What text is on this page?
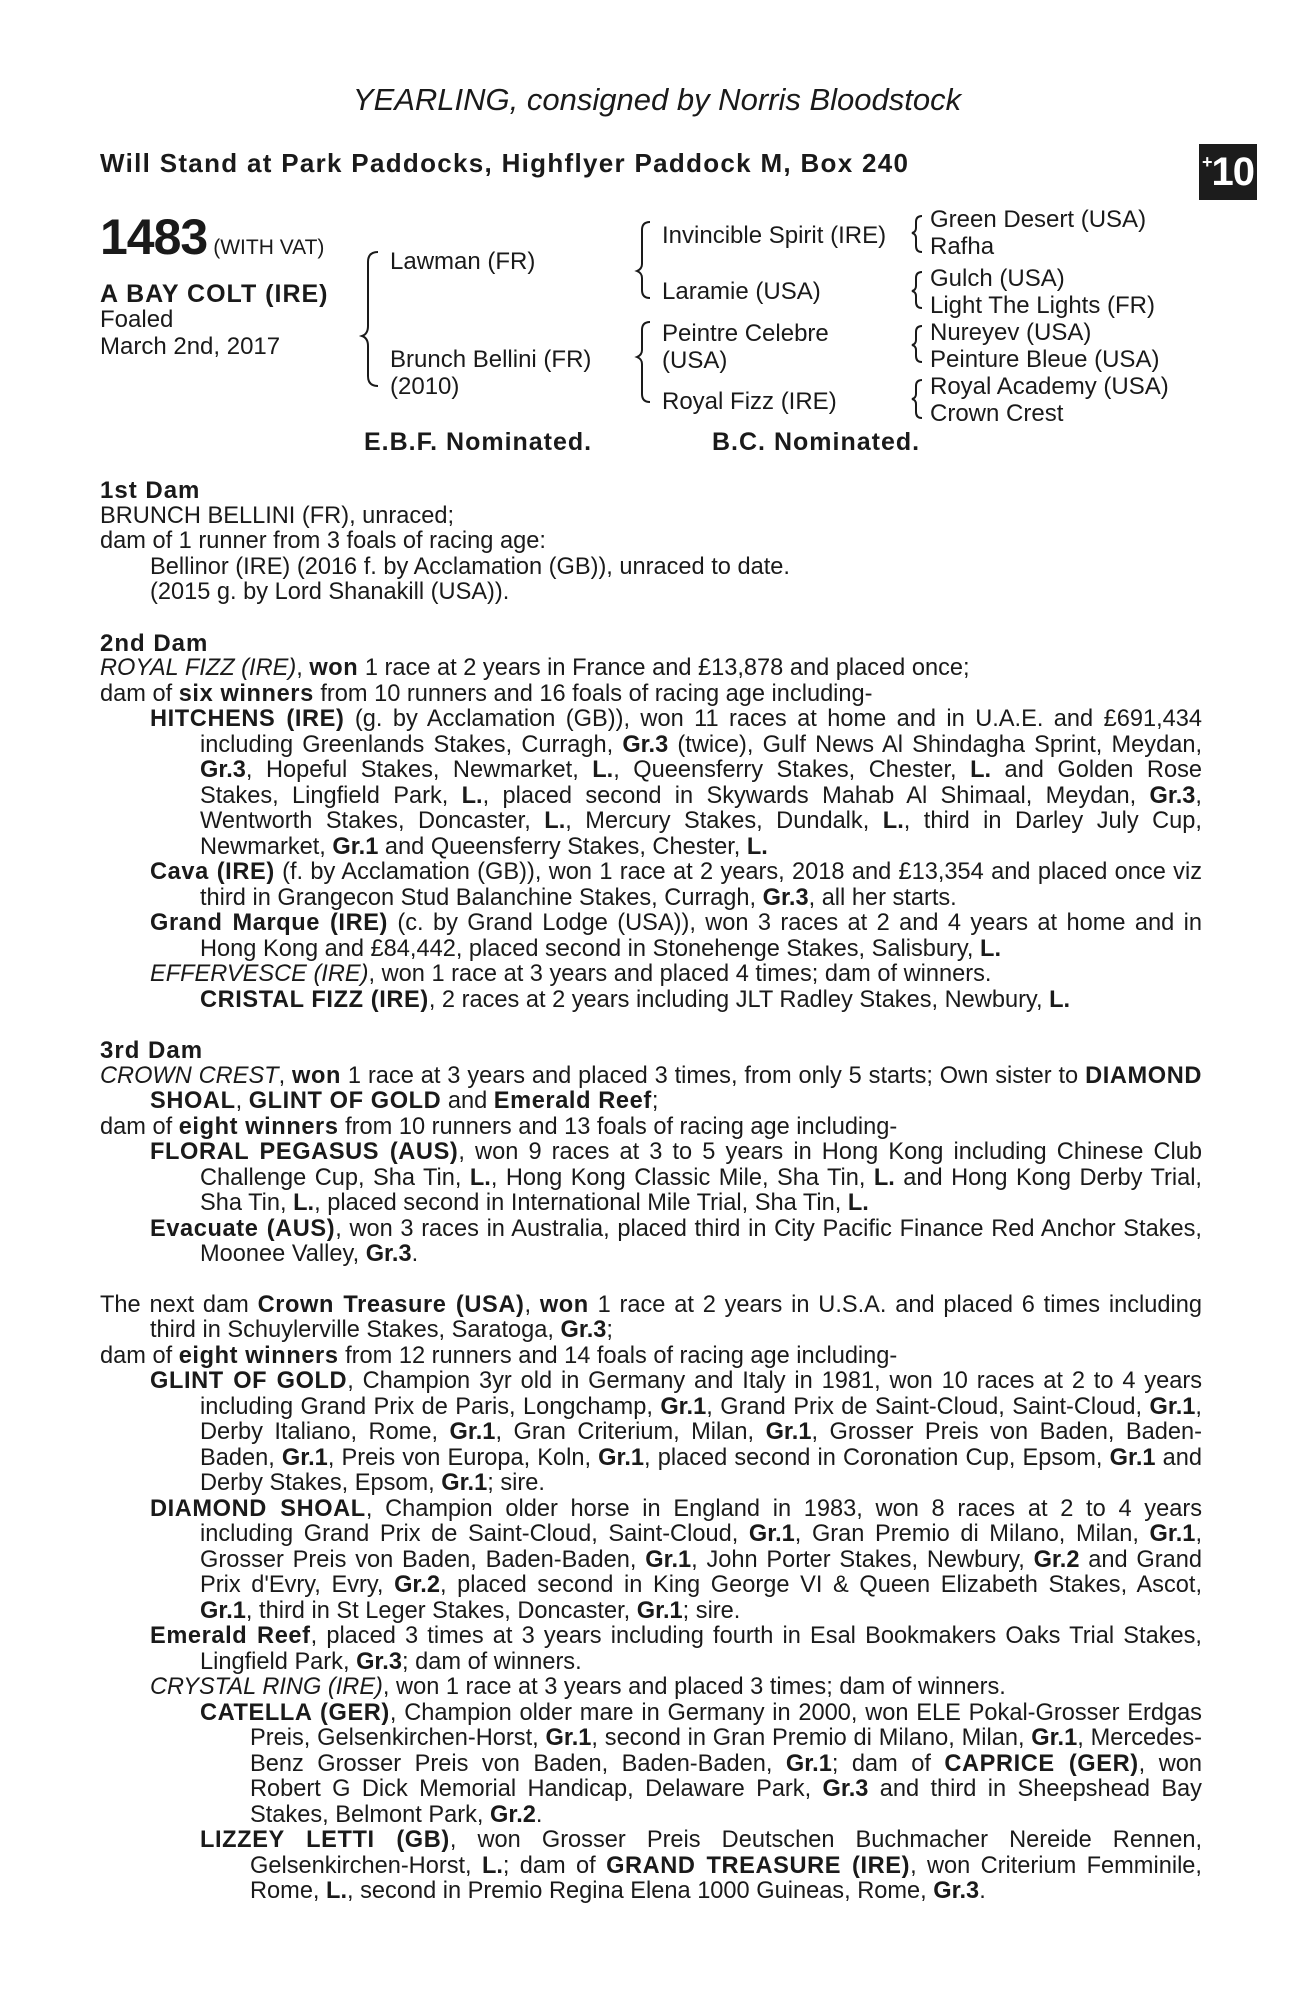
YEARLING, consigned by Norris Bloodstock
Will Stand at Park Paddocks, Highflyer Paddock M, Box 240	+ 10
1483 (WITH VAT)
A BAY COLT (IRE)
Foaled
March 2nd, 2017
Lawman (FR)
Brunch Bellini (FR)
(2010)
Invincible Spirit (IRE)
Laramie (USA)
Peintre Celebre
(USA)
Royal Fizz (IRE)
Green Desert (USA)
Rafha
Gulch (USA)
Light The Lights (FR)
Nureyev (USA)
Peinture Bleue (USA)
Royal Academy (USA)
Crown Crest
E.B.F. Nominated.	B.C. Nominated.
1st Dam
BRUNCH BELLINI (FR), unraced;
dam of 1 runner from 3 foals of racing age:
Bellinor (IRE) (2016 f. by Acclamation (GB)), unraced to date.
(2015 g. by Lord Shanakill (USA)).
2nd Dam
ROYAL FIZZ (IRE), won 1 race at 2 years in France and £13,878 and placed once;
dam of six winners from 10 runners and 16 foals of racing age including-
HITCHENS (IRE) (g. by Acclamation (GB)), won 11 races at home and in U.A.E. and £691,434 including Greenlands Stakes, Curragh, Gr.3 (twice), Gulf News Al Shindagha Sprint, Meydan, Gr.3, Hopeful Stakes, Newmarket, L., Queensferry Stakes, Chester, L. and Golden Rose Stakes, Lingfield Park, L., placed second in Skywards Mahab Al Shimaal, Meydan, Gr.3, Wentworth Stakes, Doncaster, L., Mercury Stakes, Dundalk, L., third in Darley July Cup, Newmarket, Gr.1 and Queensferry Stakes, Chester, L.
Cava (IRE) (f. by Acclamation (GB)), won 1 race at 2 years, 2018 and £13,354 and placed once viz third in Grangecon Stud Balanchine Stakes, Curragh, Gr.3, all her starts.
Grand Marque (IRE) (c. by Grand Lodge (USA)), won 3 races at 2 and 4 years at home and in Hong Kong and £84,442, placed second in Stonehenge Stakes, Salisbury, L.
EFFERVESCE (IRE), won 1 race at 3 years and placed 4 times; dam of winners.
CRISTAL FIZZ (IRE), 2 races at 2 years including JLT Radley Stakes, Newbury, L.
3rd Dam
CROWN CREST, won 1 race at 3 years and placed 3 times, from only 5 starts; Own sister to DIAMOND SHOAL, GLINT OF GOLD and Emerald Reef;
dam of eight winners from 10 runners and 13 foals of racing age including-
FLORAL PEGASUS (AUS), won 9 races at 3 to 5 years in Hong Kong including Chinese Club Challenge Cup, Sha Tin, L., Hong Kong Classic Mile, Sha Tin, L. and Hong Kong Derby Trial, Sha Tin, L., placed second in International Mile Trial, Sha Tin, L.
Evacuate (AUS), won 3 races in Australia, placed third in City Pacific Finance Red Anchor Stakes, Moonee Valley, Gr.3.
The next dam Crown Treasure (USA), won 1 race at 2 years in U.S.A. and placed 6 times including third in Schuylerville Stakes, Saratoga, Gr.3;
dam of eight winners from 12 runners and 14 foals of racing age including-
GLINT OF GOLD, Champion 3yr old in Germany and Italy in 1981, won 10 races at 2 to 4 years including Grand Prix de Paris, Longchamp, Gr.1, Grand Prix de Saint-Cloud, Saint-Cloud, Gr.1, Derby Italiano, Rome, Gr.1, Gran Criterium, Milan, Gr.1, Grosser Preis von Baden, Baden-Baden, Gr.1, Preis von Europa, Koln, Gr.1, placed second in Coronation Cup, Epsom, Gr.1 and Derby Stakes, Epsom, Gr.1; sire.
DIAMOND SHOAL, Champion older horse in England in 1983, won 8 races at 2 to 4 years including Grand Prix de Saint-Cloud, Saint-Cloud, Gr.1, Gran Premio di Milano, Milan, Gr.1, Grosser Preis von Baden, Baden-Baden, Gr.1, John Porter Stakes, Newbury, Gr.2 and Grand Prix d'Evry, Evry, Gr.2, placed second in King George VI & Queen Elizabeth Stakes, Ascot, Gr.1, third in St Leger Stakes, Doncaster, Gr.1; sire.
Emerald Reef, placed 3 times at 3 years including fourth in Esal Bookmakers Oaks Trial Stakes, Lingfield Park, Gr.3; dam of winners.
CRYSTAL RING (IRE), won 1 race at 3 years and placed 3 times; dam of winners.
CATELLA (GER), Champion older mare in Germany in 2000, won ELE Pokal-Grosser Erdgas Preis, Gelsenkirchen-Horst, Gr.1, second in Gran Premio di Milano, Milan, Gr.1, Mercedes-Benz Grosser Preis von Baden, Baden-Baden, Gr.1; dam of CAPRICE (GER), won Robert G Dick Memorial Handicap, Delaware Park, Gr.3 and third in Sheepshead Bay Stakes, Belmont Park, Gr.2.
LIZZEY LETTI (GB), won Grosser Preis Deutschen Buchmacher Nereide Rennen, Gelsenkirchen-Horst, L.; dam of GRAND TREASURE (IRE), won Criterium Femminile, Rome, L., second in Premio Regina Elena 1000 Guineas, Rome, Gr.3.
